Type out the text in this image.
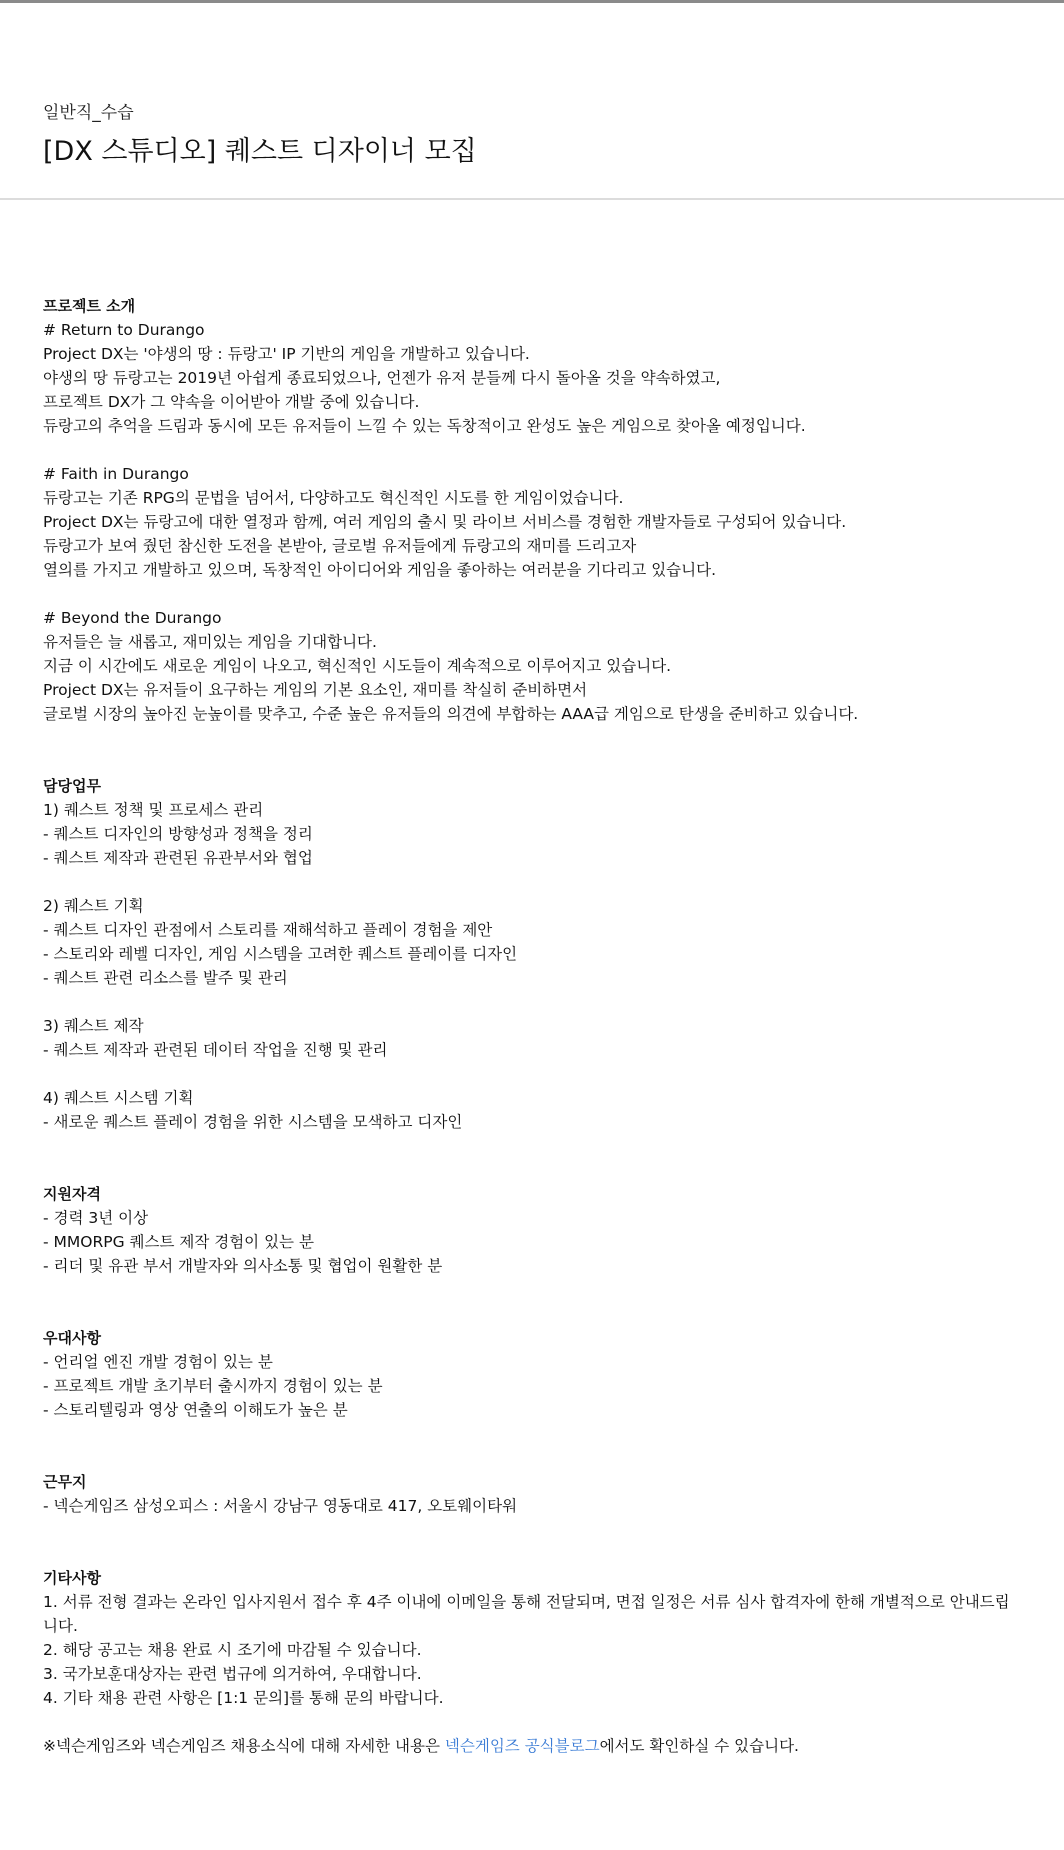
일반직_수습
[DX 스튜디오] 퀘스트 디자이너 모집
프로젝트 소개
# Return to Durango
Project DX는 '야생의 땅 : 듀랑고' IP 기반의 게임을 개발하고 있습니다.
야생의 땅 듀랑고는 2019년 아쉽게 종료되었으나, 언젠가 유저 분들께 다시 돌아올 것을 약속하였고,
프로젝트 DX가 그 약속을 이어받아 개발 중에 있습니다.
듀랑고의 추억을 드림과 동시에 모든 유저들이 느낄 수 있는 독창적이고 완성도 높은 게임으로 찾아올 예정입니다.
# Faith in Durango
듀랑고는 기존 RPG의 문법을 넘어서, 다양하고도 혁신적인 시도를 한 게임이었습니다.
Project DX는 듀랑고에 대한 열정과 함께, 여러 게임의 출시 및 라이브 서비스를 경험한 개발자들로 구성되어 있습니다.
듀랑고가 보여 줬던 참신한 도전을 본받아, 글로벌 유저들에게 듀랑고의 재미를 드리고자
열의를 가지고 개발하고 있으며, 독창적인 아이디어와 게임을 좋아하는 여러분을 기다리고 있습니다.
# Beyond the Durango
유저들은 늘 새롭고, 재미있는 게임을 기대합니다.
지금 이 시간에도 새로운 게임이 나오고, 혁신적인 시도들이 계속적으로 이루어지고 있습니다.
Project DX는 유저들이 요구하는 게임의 기본 요소인, 재미를 착실히 준비하면서
글로벌 시장의 높아진 눈높이를 맞추고, 수준 높은 유저들의 의견에 부합하는 AAA급 게임으로 탄생을 준비하고 있습니다.
담당업무
1) 퀘스트 정책 및 프로세스 관리
- 퀘스트 디자인의 방향성과 정책을 정리
- 퀘스트 제작과 관련된 유관부서와 협업
2) 퀘스트 기획
- 퀘스트 디자인 관점에서 스토리를 재해석하고 플레이 경험을 제안
- 스토리와 레벨 디자인, 게임 시스템을 고려한 퀘스트 플레이를 디자인
- 퀘스트 관련 리소스를 발주 및 관리
3) 퀘스트 제작
- 퀘스트 제작과 관련된 데이터 작업을 진행 및 관리
4) 퀘스트 시스템 기획
- 새로운 퀘스트 플레이 경험을 위한 시스템을 모색하고 디자인
지원자격
- 경력 3년 이상
- MMORPG 퀘스트 제작 경험이 있는 분
- 리더 및 유관 부서 개발자와 의사소통 및 협업이 원활한 분
우대사항
- 언리얼 엔진 개발 경험이 있는 분
- 프로젝트 개발 초기부터 출시까지 경험이 있는 분
- 스토리텔링과 영상 연출의 이해도가 높은 분
근무지
- 넥슨게임즈 삼성오피스 : 서울시 강남구 영동대로 417, 오토웨이타워
기타사항
1. 서류 전형 결과는 온라인 입사지원서 접수 후 4주 이내에 이메일을 통해 전달되며, 면접 일정은 서류 심사 합격자에 한해 개별적으로 안내드립니다.
2. 해당 공고는 채용 완료 시 조기에 마감될 수 있습니다.
3. 국가보훈대상자는 관련 법규에 의거하여, 우대합니다.
4. 기타 채용 관련 사항은 [1:1 문의]를 통해 문의 바랍니다.
※넥슨게임즈와 넥슨게임즈 채용소식에 대해 자세한 내용은 넥슨게임즈 공식블로그에서도 확인하실 수 있습니다.
